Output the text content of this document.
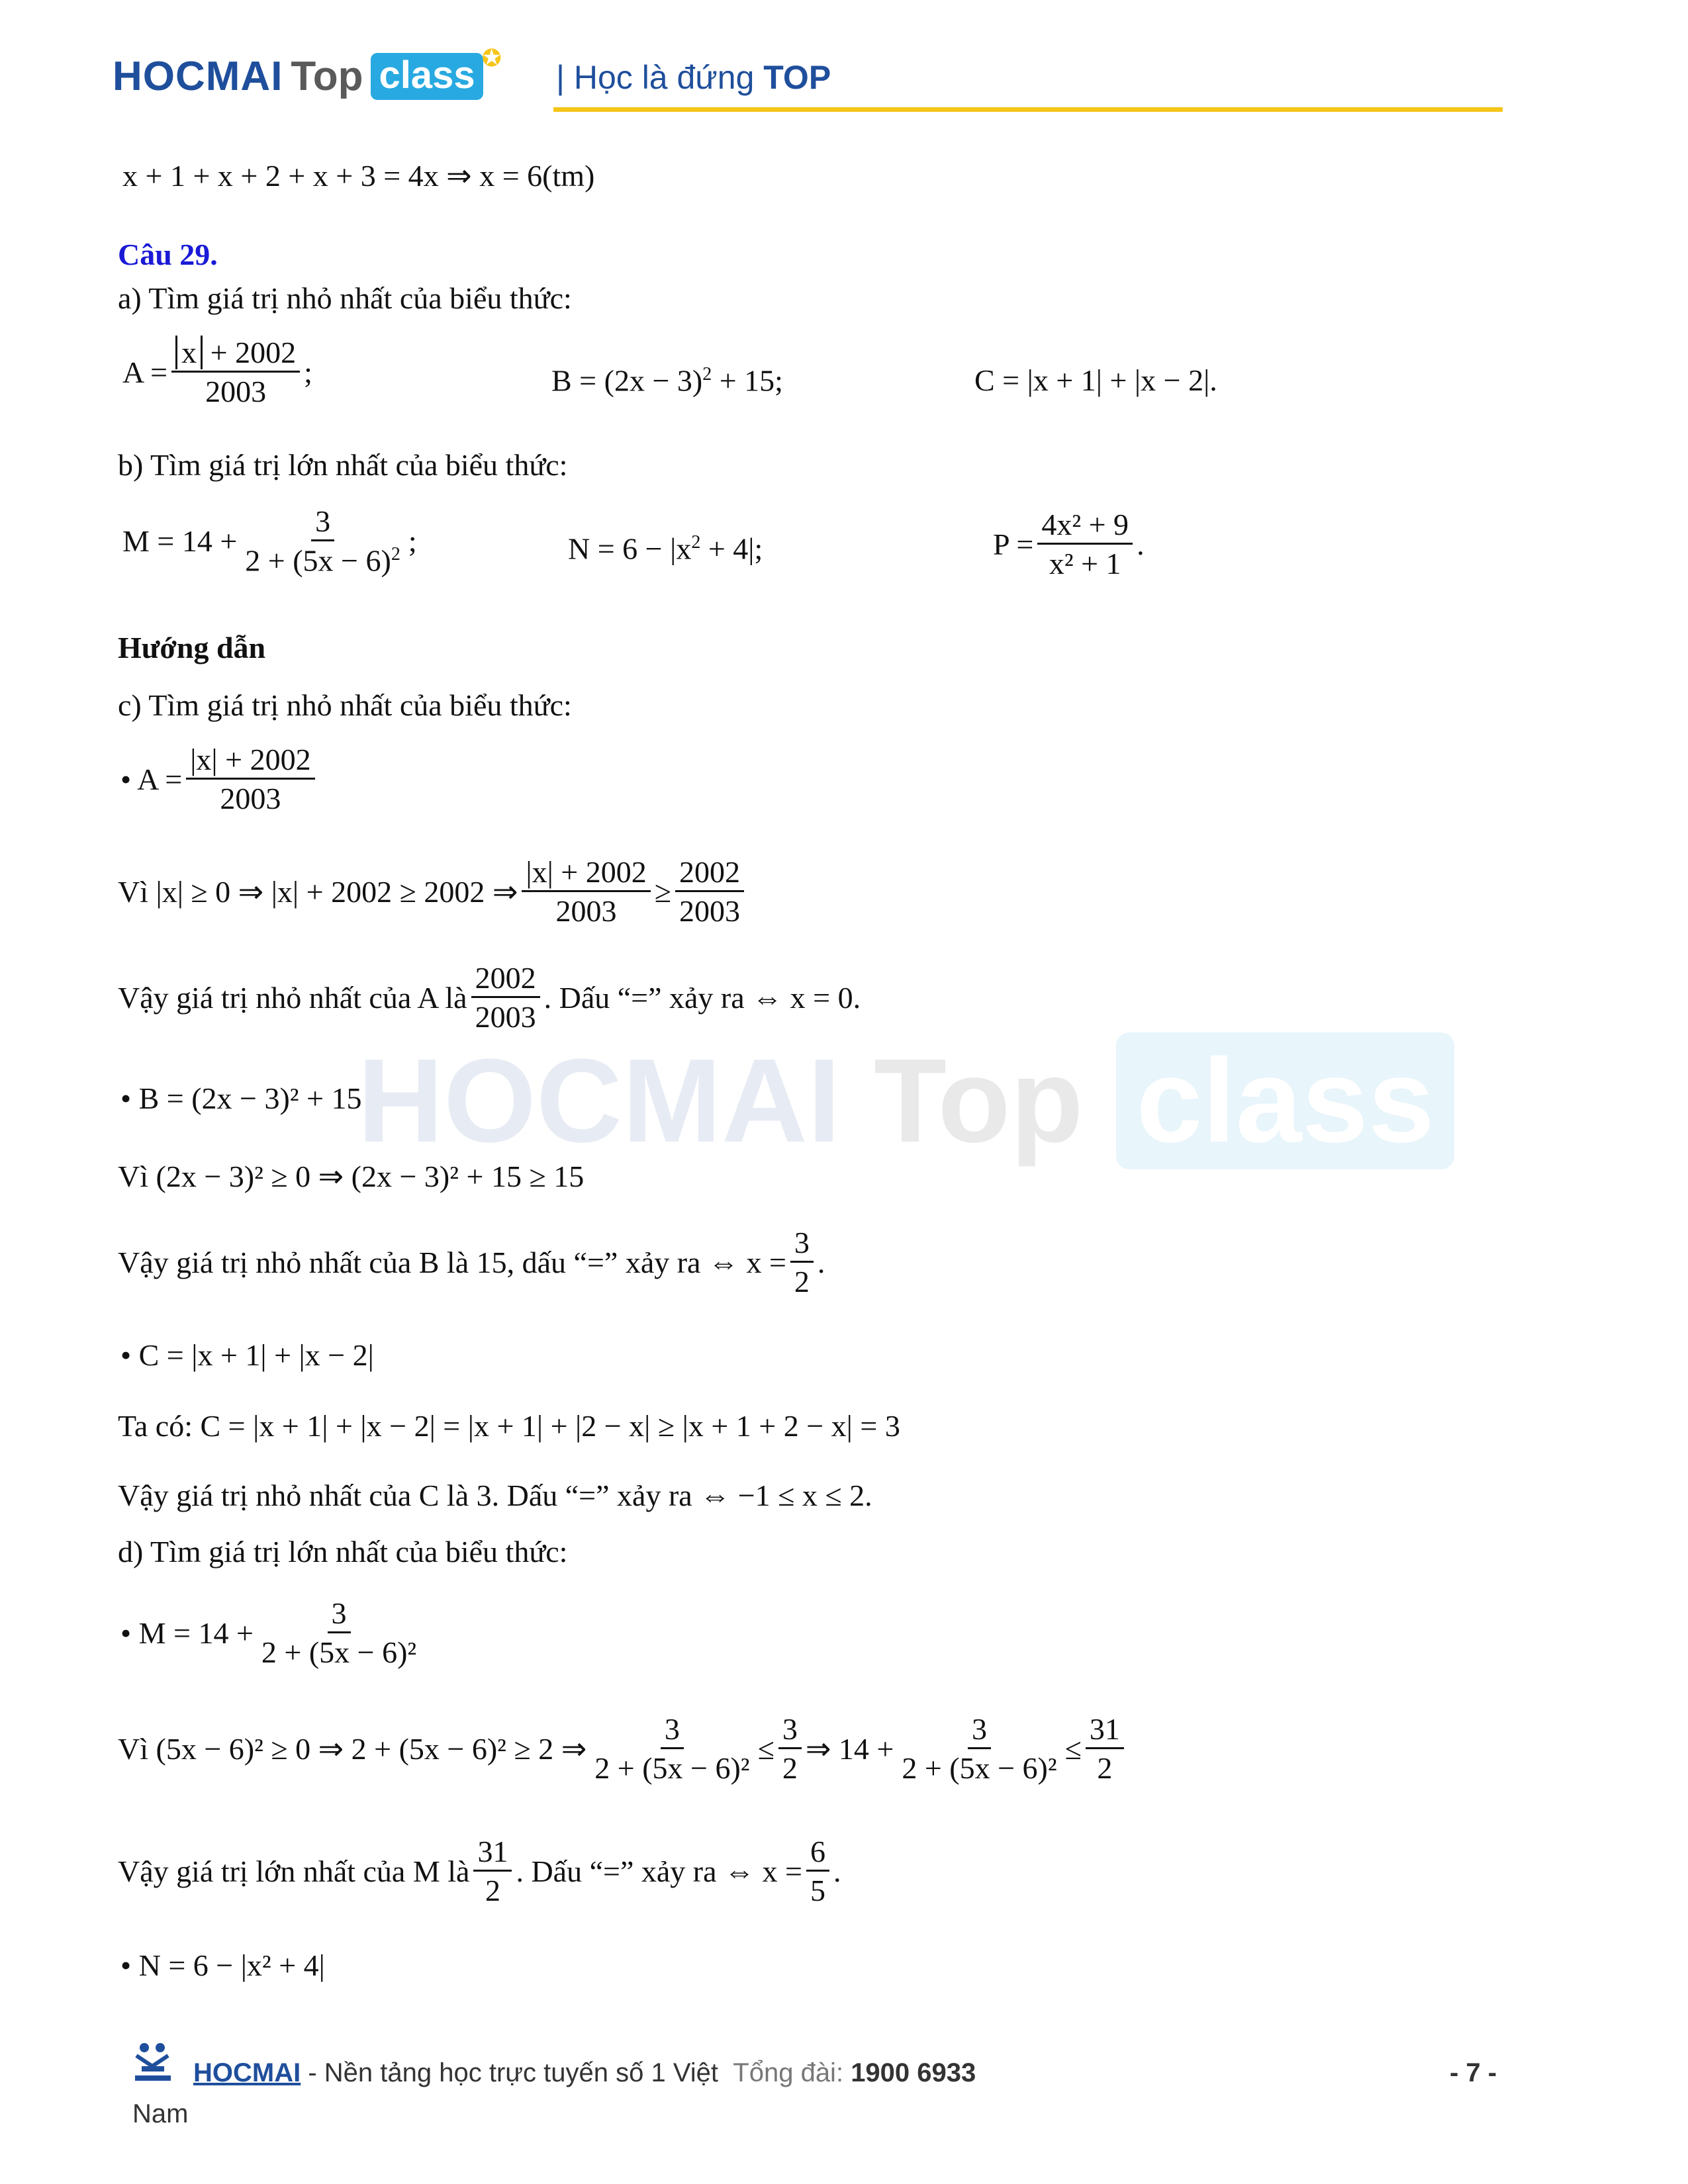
HOCMAI Top class ✪
| Học là đứng TOP
HOCMAI Top class
x + 1 + x + 2 + x + 3 = 4x ⇒ x = 6(tm)
Câu 29.
a) Tìm giá trị nhỏ nhất của biểu thức:
$A = \frac{x + 2002}{2003}$ ;	$B = (2x - 3)^2 + 15$;	C = |x + 1| + |x − 2|.
b) Tìm giá trị lớn nhất của biểu thức:
$M = 14 + \frac{3}{2 + (5x - 6)^2}$ ;	$N = 6 - |x^2 + 4|$;	$P = \frac{\text{4x² + 9}}{\text{x² + 1}}$ .
Hướng dẫn
c) Tìm giá trị nhỏ nhất của biểu thức:
• $A = \frac{|x| + 2002}{2003}$
Vì |x| ≥ 0 ⇒ |x| + 2002 ≥ 2002 ⇒ $\frac{|x| + 2002}{2003} \ge \frac{2002}{2003}$
Vậy giá trị nhỏ nhất của A là $\frac{2002}{2003}$ . Dấu “=” xảy ra ⇔ x = 0.
• B = (2x − 3)² + 15
Vì (2x − 3)² ≥ 0 ⇒ (2x − 3)² + 15 ≥ 15
Vậy giá trị nhỏ nhất của B là 15, dấu “=” xảy ra ⇔ $x = \frac{3}{2}$ .
• C = |x + 1| + |x − 2|
Ta có: C = |x + 1| + |x − 2| = |x + 1| + |2 − x| ≥ |x + 1 + 2 − x| = 3
Vậy giá trị nhỏ nhất của C là 3. Dấu “=” xảy ra ⇔ −1 ≤ x ≤ 2.
d) Tìm giá trị lớn nhất của biểu thức:
• $M = 14 + \frac{3}{\text{2 + (5x − 6)²}}$
Vì (5x − 6)² ≥ 0 ⇒ 2 + (5x − 6)² ≥ 2 ⇒ $\frac{3}{\text{2 + (5x − 6)²}} \le \frac{3}{2}$ ⇒ $14 + \frac{3}{\text{2 + (5x − 6)²}} \le \frac{31}{2}$
Vậy giá trị lớn nhất của M là $\frac{31}{2}$ . Dấu “=” xảy ra ⇔ $x = \frac{6}{5}$ .
• N = 6 − |x² + 4|
HOCMAI - Nền tảng học trực tuyến số 1 Việt Tổng đài: 1900 6933	- 7 -
Nam
